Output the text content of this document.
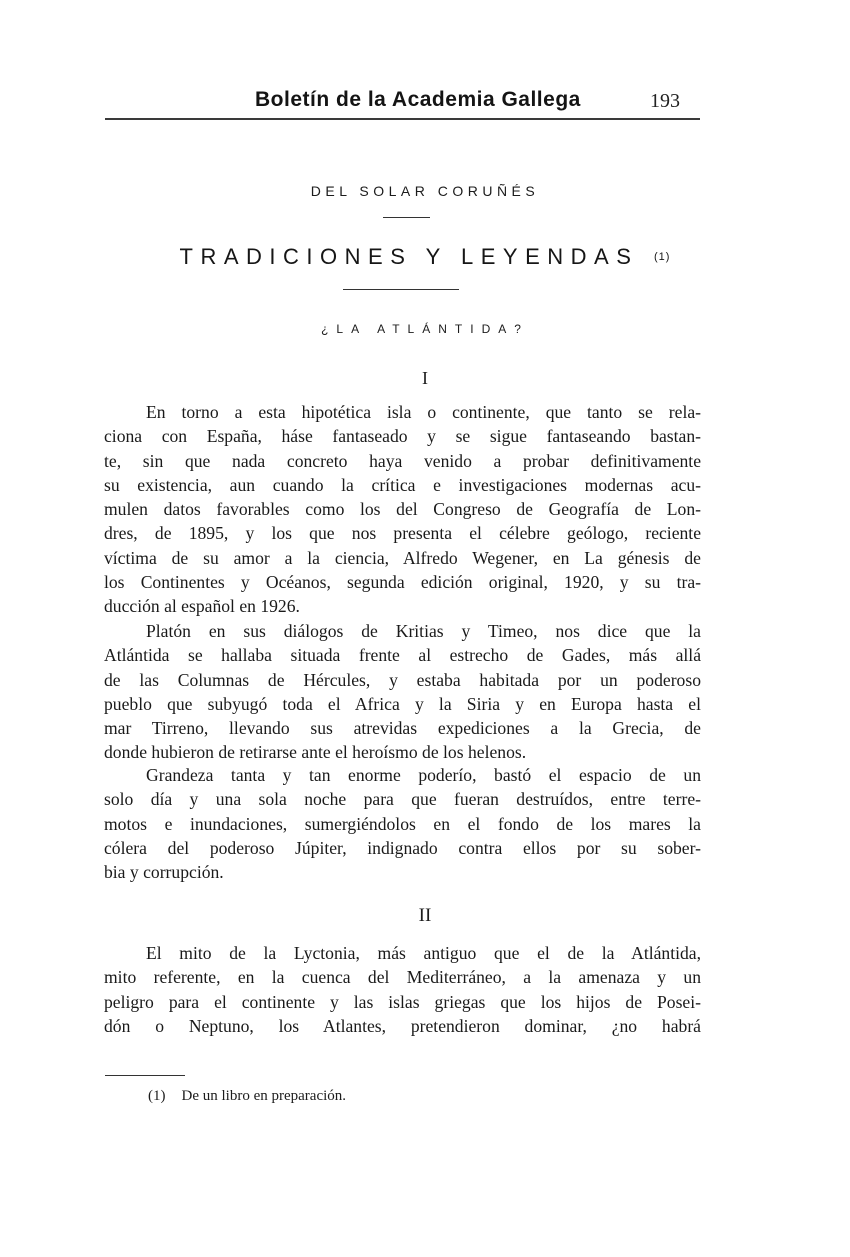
Boletín de la Academia Gallega	193
DEL SOLAR CORUÑÉS
TRADICIONES Y LEYENDAS (1)
¿LA ATLÁNTIDA?
I
En torno a esta hipotética isla o continente, que tanto se rela-
ciona con España, háse fantaseado y se sigue fantaseando bastan-
te, sin que nada concreto haya venido a probar definitivamente
su existencia, aun cuando la crítica e investigaciones modernas acu-
mulen datos favorables como los del Congreso de Geografía de Lon-
dres, de 1895, y los que nos presenta el célebre geólogo, reciente
víctima de su amor a la ciencia, Alfredo Wegener, en La génesis de
los Continentes y Océanos, segunda edición original, 1920, y su tra-
ducción al español en 1926.
Platón en sus diálogos de Kritias y Timeo, nos dice que la
Atlántida se hallaba situada frente al estrecho de Gades, más allá
de las Columnas de Hércules, y estaba habitada por un poderoso
pueblo que subyugó toda el Africa y la Siria y en Europa hasta el
mar Tirreno, llevando sus atrevidas expediciones a la Grecia, de
donde hubieron de retirarse ante el heroísmo de los helenos.
Grandeza tanta y tan enorme poderío, bastó el espacio de un
solo día y una sola noche para que fueran destruídos, entre terre-
motos e inundaciones, sumergiéndolos en el fondo de los mares la
cólera del poderoso Júpiter, indignado contra ellos por su sober-
bia y corrupción.
II
El mito de la Lyctonia, más antiguo que el de la Atlántida,
mito referente, en la cuenca del Mediterráneo, a la amenaza y un
peligro para el continente y las islas griegas que los hijos de Posei-
dón o Neptuno, los Atlantes, pretendieron dominar, ¿no habrá
(1) De un libro en preparación.
